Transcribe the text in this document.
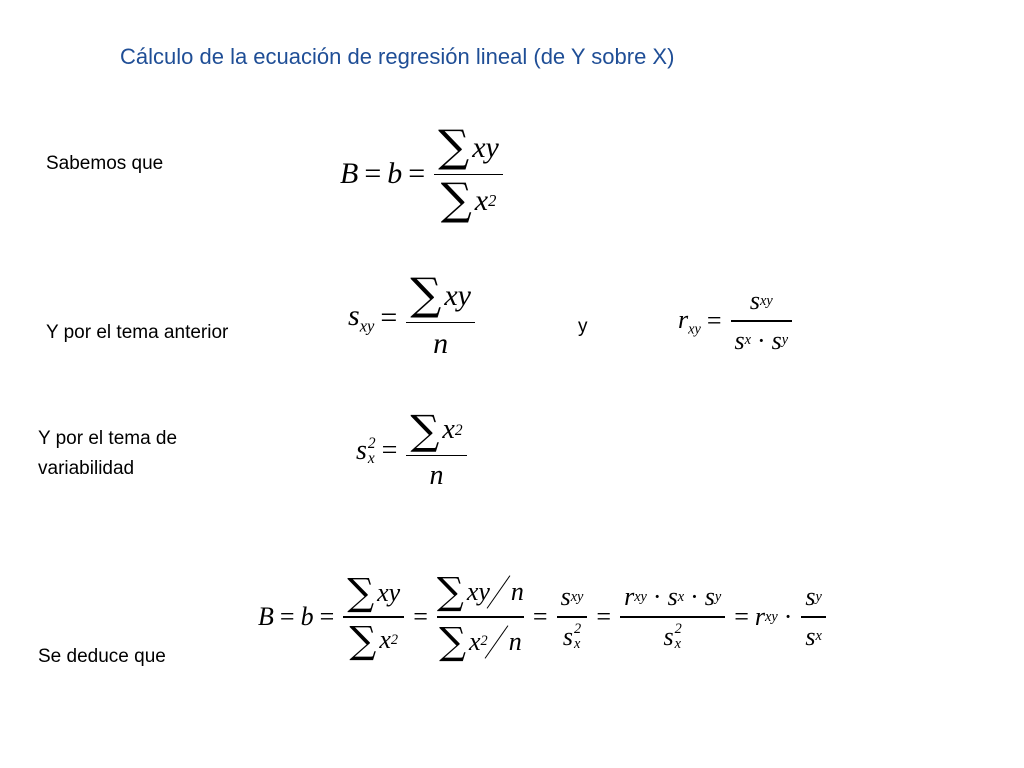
Cálculo de la ecuación de regresión lineal (de Y sobre X)
Sabemos que	$B = b = \frac{\sum xy}{\sum x 2}$
Y por el tema anterior
$s_{xy} = \frac{\sum xy}{n}$	y	$r_{xy} = \frac{\text{s xy}}{\text{s x · s y}}$
Y por el tema de
variabilidad
s 2
$x = \frac{\sum x 2}{n}$
Se deduce que
$B = b = \frac{\sum xy}{\sum x 2} = \frac{\text{∑ xy n}}{\sum x 2 n} = s$ xy
s 2
x = r xy · s x · s y
s 2
x = r xy · $\frac{\text{s y}}{\text{s x}}$
